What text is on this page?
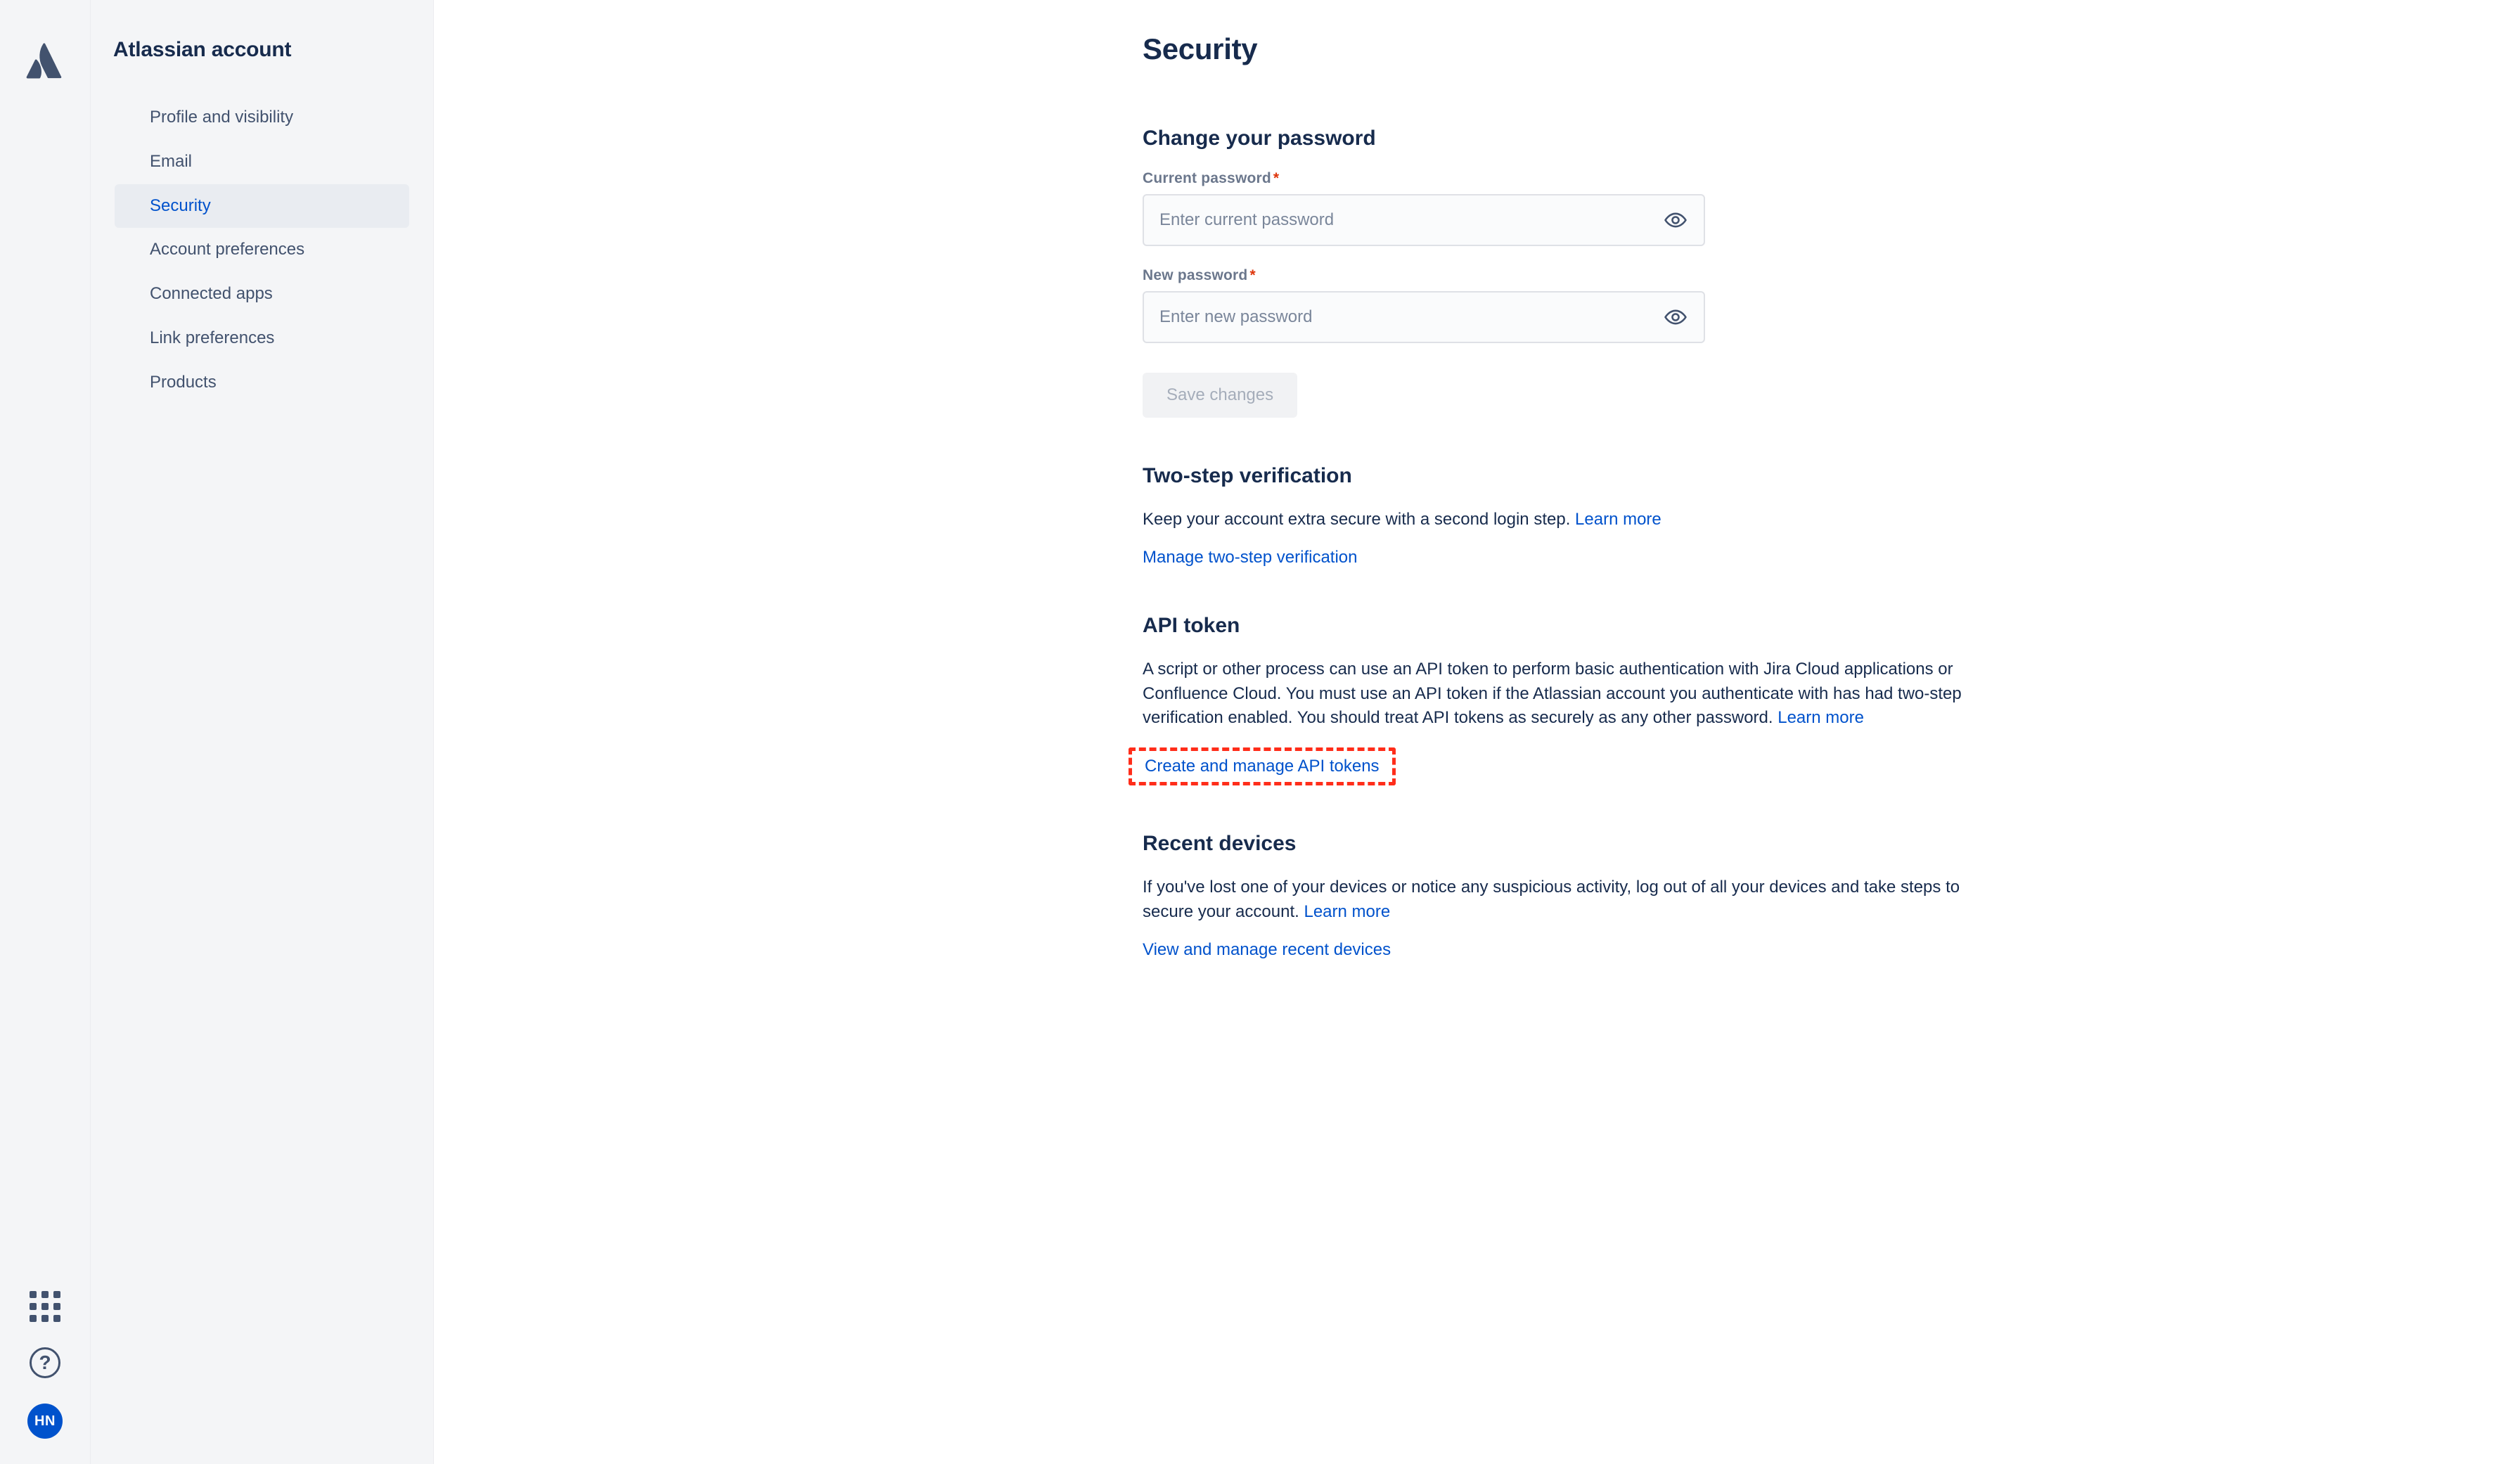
?
HN
Atlassian account
Profile and visibility
Email
Security
Account preferences
Connected apps
Link preferences
Products
Security
Change your password
Current password *
New password *
Save changes
Two-step verification

Keep your account extra secure with a second login step. Learn more

Manage two-step verification
API token

A script or other process can use an API token to perform basic authentication with Jira Cloud applications or Confluence Cloud. You must use an API token if the Atlassian account you authenticate with has had two-step verification enabled. You should treat API tokens as securely as any other password. Learn more

Create and manage API tokens
Recent devices

If you've lost one of your devices or notice any suspicious activity, log out of all your devices and take steps to secure your account. Learn more

View and manage recent devices
